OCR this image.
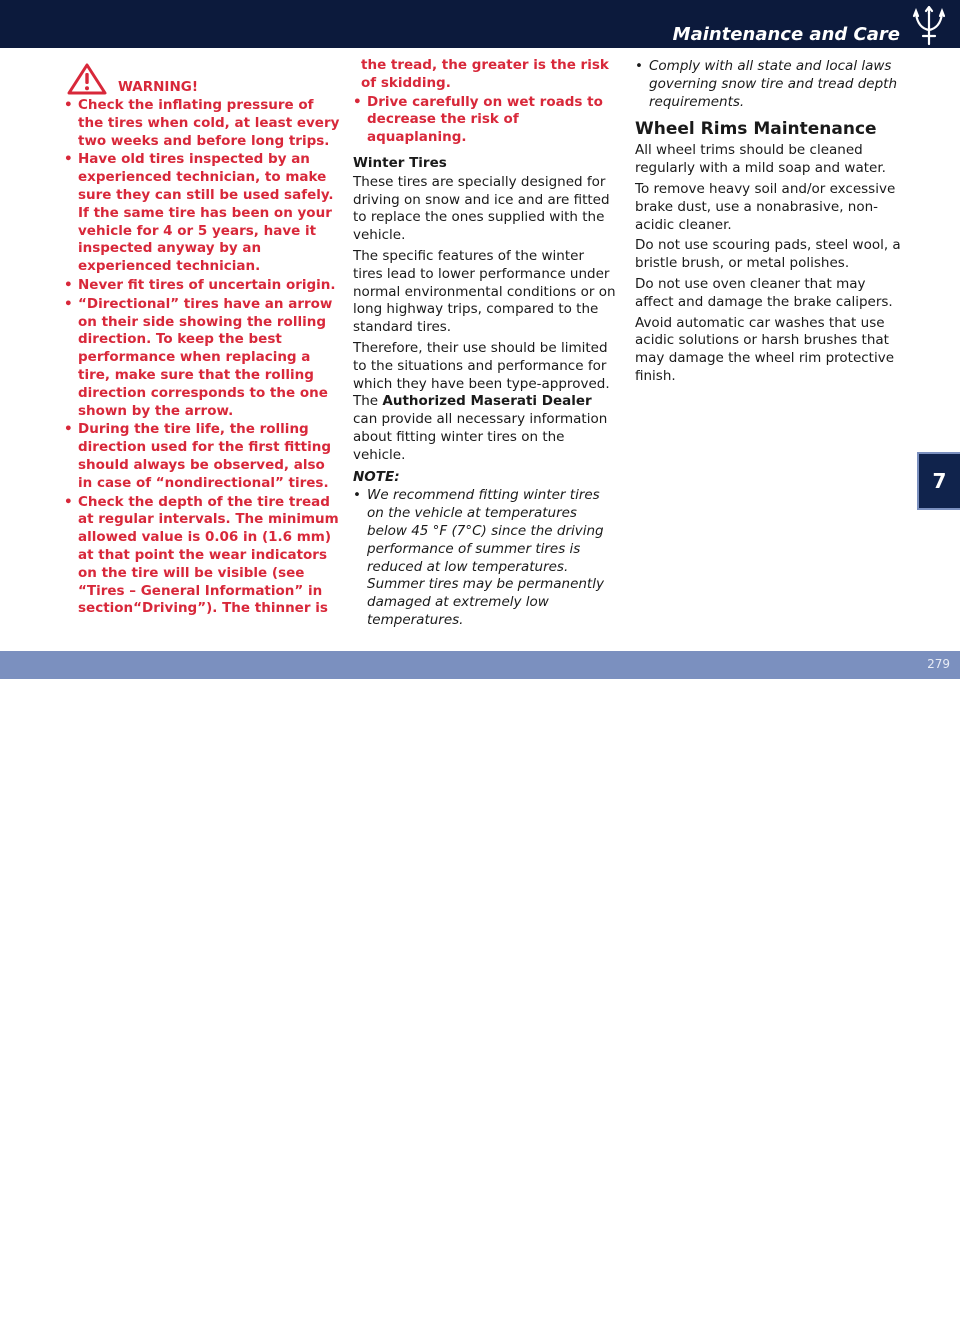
Maintenance and Care
WARNING!
• Check the inflating pressure of the tires when cold, at least every two weeks and before long trips.
• Have old tires inspected by an experienced technician, to make sure they can still be used safely. If the same tire has been on your vehicle for 4 or 5 years, have it inspected anyway by an experienced technician.
• Never fit tires of uncertain origin.
• “Directional” tires have an arrow on their side showing the rolling direction. To keep the best performance when replacing a tire, make sure that the rolling direction corresponds to the one shown by the arrow.
• During the tire life, the rolling direction used for the first fitting should always be observed, also in case of “nondirectional” tires.
• Check the depth of the tire tread at regular intervals. The minimum allowed value is 0.06 in (1.6 mm) at that point the wear indicators on the tire will be visible (see “Tires – General Information” in section“Driving”). The thinner is
the tread, the greater is the risk of skidding.
• Drive carefully on wet roads to decrease the risk of aquaplaning.
Winter Tires

These tires are specially designed for driving on snow and ice and are fitted to replace the ones supplied with the vehicle.

The specific features of the winter tires lead to lower performance under normal environmental conditions or on long highway trips, compared to the standard tires.

Therefore, their use should be limited to the situations and performance for which they have been type-approved. The Authorized Maserati Dealer can provide all necessary information about fitting winter tires on the vehicle.

NOTE:
• We recommend fitting winter tires on the vehicle at temperatures below 45 °F (7°C) since the driving performance of summer tires is reduced at low temperatures. Summer tires may be permanently damaged at extremely low temperatures.
• Comply with all state and local laws governing snow tire and tread depth requirements.
Wheel Rims Maintenance

All wheel trims should be cleaned regularly with a mild soap and water.

To remove heavy soil and/or excessive brake dust, use a nonabrasive, non-acidic cleaner.

Do not use scouring pads, steel wool, a bristle brush, or metal polishes.

Do not use oven cleaner that may affect and damage the brake calipers.

Avoid automatic car washes that use acidic solutions or harsh brushes that may damage the wheel rim protective finish.

7
carmanualsonline.info
279
